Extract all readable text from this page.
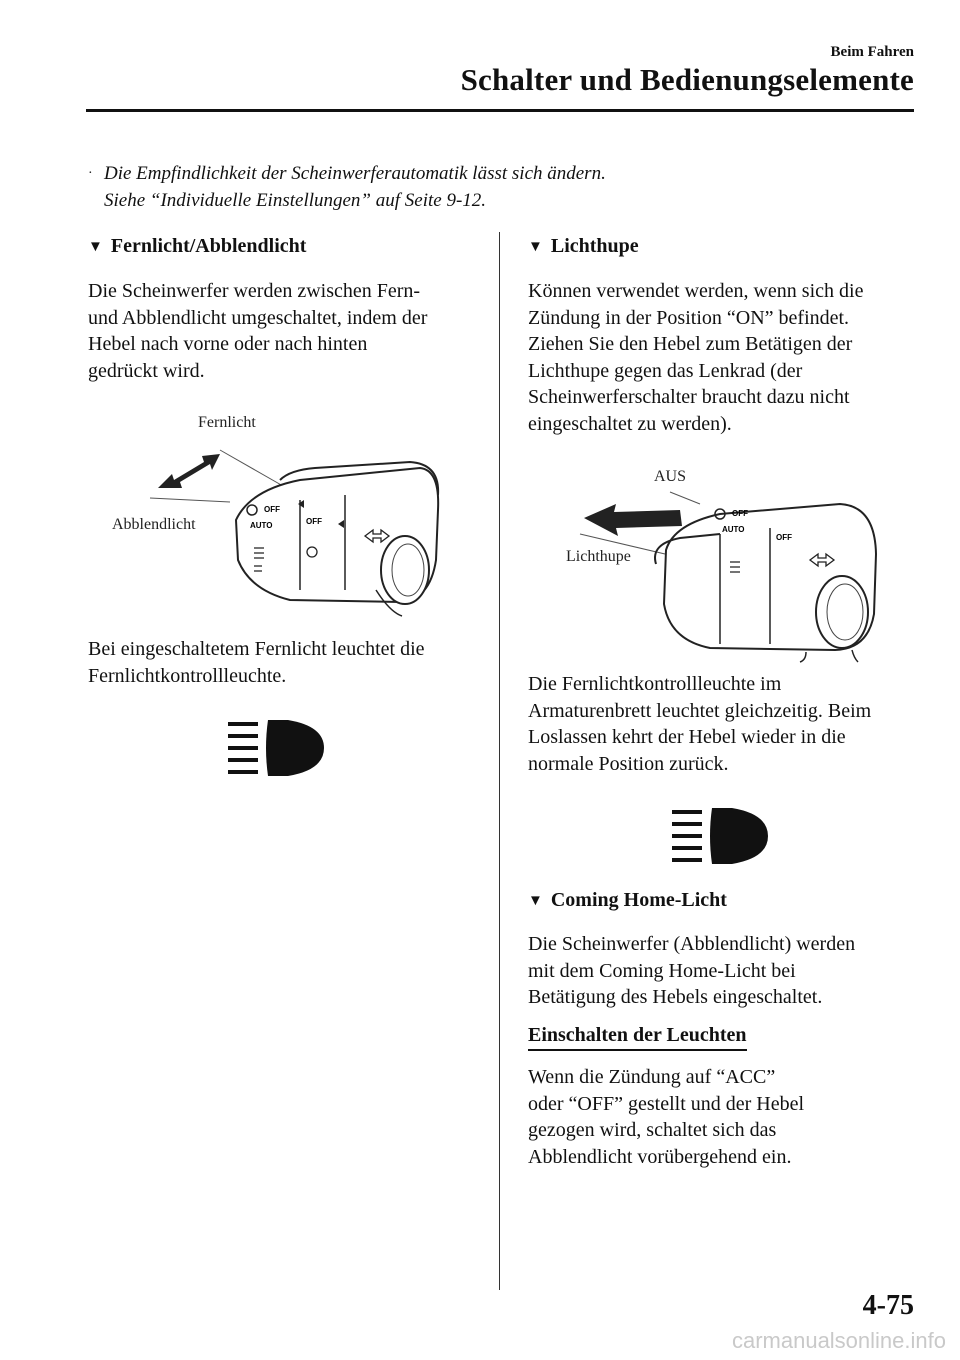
Beim Fahren
Schalter und Bedienungselemente
· Die Empfindlichkeit der Scheinwerferautomatik lässt sich ändern.
Siehe “Individuelle Einstellungen” auf Seite 9-12.
▼ Fernlicht/Abblendlicht
Die Scheinwerfer werden zwischen Fern-
und Abblendlicht umgeschaltet, indem der
Hebel nach vorne oder nach hinten
gedrückt wird.
Fernlicht
Abblendlicht
OFF
AUTO	OFF
Bei eingeschaltetem Fernlicht leuchtet die
Fernlichtkontrollleuchte.
▼ Lichthupe
Können verwendet werden, wenn sich die
Zündung in der Position “ON” befindet.
Ziehen Sie den Hebel zum Betätigen der
Lichthupe gegen das Lenkrad (der
Scheinwerferschalter braucht dazu nicht
eingeschaltet zu werden).
AUS
Lichthupe
OFF
AUTO
OFF
Die Fernlichtkontrollleuchte im
Armaturenbrett leuchtet gleichzeitig. Beim
Loslassen kehrt der Hebel wieder in die
normale Position zurück.
▼ Coming Home-Licht
Die Scheinwerfer (Abblendlicht) werden
mit dem Coming Home-Licht bei
Betätigung des Hebels eingeschaltet.
Einschalten der Leuchten
Wenn die Zündung auf “ACC”
oder “OFF” gestellt und der Hebel
gezogen wird, schaltet sich das
Abblendlicht vorübergehend ein.
4-75
carmanualsonline.info
